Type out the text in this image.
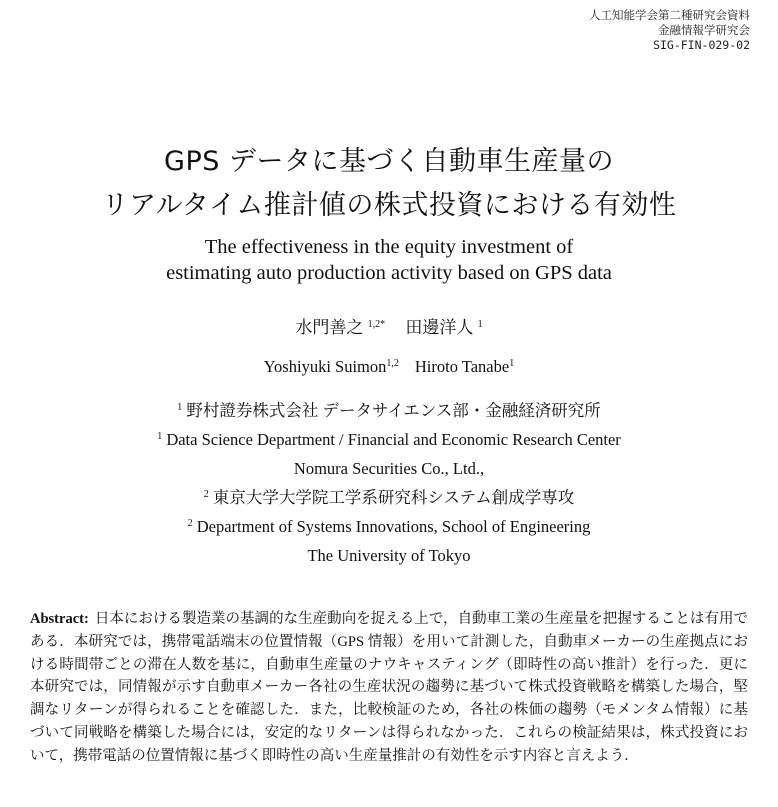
人工知能学会第二種研究会資料
金融情報学研究会
SIG-FIN-029-02
GPS データに基づく自動車生産量の
リアルタイム推計値の株式投資における有効性
The effectiveness in the equity investment of
estimating auto production activity based on GPS data
水門善之 $^{1,2*}$ 田邊洋人 $^1$
Yoshiyuki Suimon$^{1,2}$ Hiroto Tanabe$^1$
$^1$ 野村證券株式会社 データサイエンス部・金融経済研究所
$^1$ Data Science Department / Financial and Economic Research Center
Nomura Securities Co., Ltd.,
$^2$ 東京大学大学院工学系研究科システム創成学専攻
$^2$ Department of Systems Innovations, School of Engineering
The University of Tokyo
Abstract: 日本における製造業の基調的な生産動向を捉える上で，自動車工業の生産量を把握することは有用である．本研究では，携帯電話端末の位置情報（GPS 情報）を用いて計測した，自動車メーカーの生産拠点における時間帯ごとの滞在人数を基に，自動車生産量のナウキャスティング（即時性の高い推計）を行った．更に本研究では，同情報が示す自動車メーカー各社の生産状況の趨勢に基づいて株式投資戦略を構築した場合，堅調なリターンが得られることを確認した．また，比較検証のため，各社の株価の趨勢（モメンタム情報）に基づいて同戦略を構築した場合には，安定的なリターンは得られなかった．これらの検証結果は，株式投資において，携帯電話の位置情報に基づく即時性の高い生産量推計の有効性を示す内容と言えよう．
